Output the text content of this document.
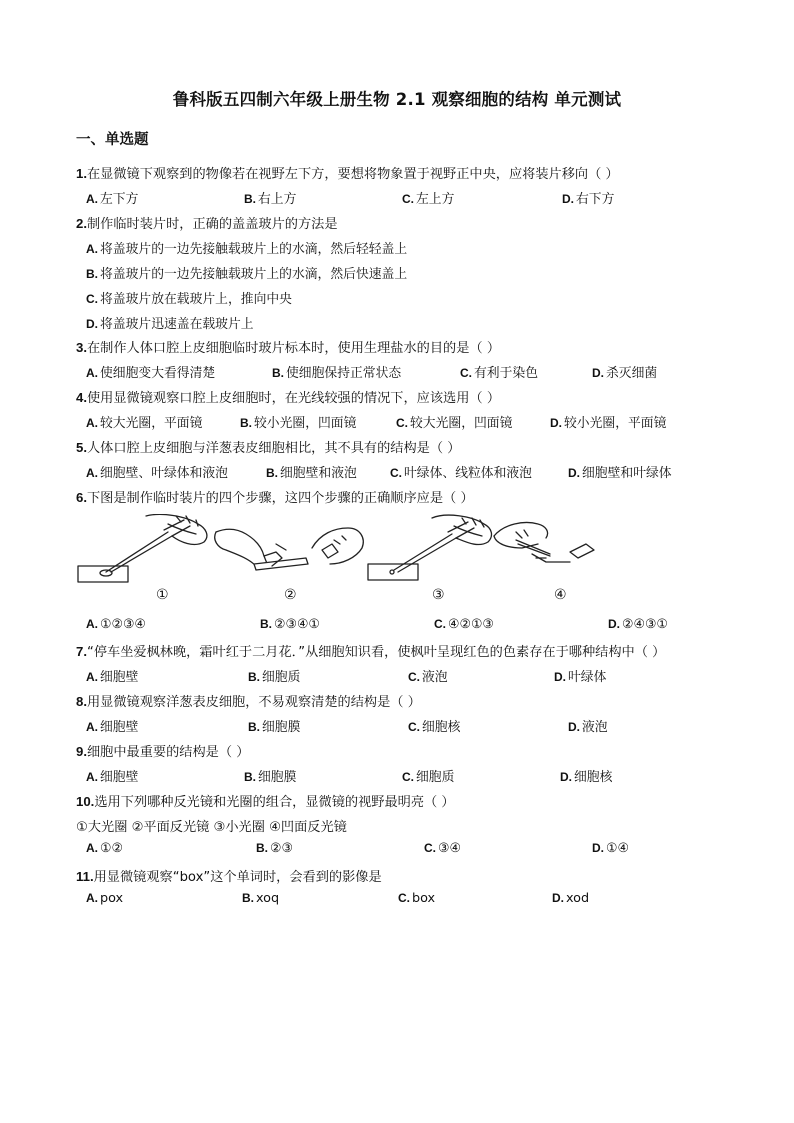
鲁科版五四制六年级上册生物 2.1 观察细胞的结构 单元测试
一、单选题
1.在显微镜下观察到的物像若在视野左下方，要想将物象置于视野正中央，应将装片移向（ ）
A. 左下方	B. 右上方	C. 左上方	D. 右下方
2.制作临时装片时，正确的盖盖玻片的方法是
A. 将盖玻片的一边先接触载玻片上的水滴，然后轻轻盖上
B. 将盖玻片的一边先接触载玻片上的水滴，然后快速盖上
C. 将盖玻片放在载玻片上，推向中央
D. 将盖玻片迅速盖在载玻片上
3.在制作人体口腔上皮细胞临时玻片标本时，使用生理盐水的目的是（ ）
A. 使细胞变大看得清楚	B. 使细胞保持正常状态	C. 有利于染色	D. 杀灭细菌
4.使用显微镜观察口腔上皮细胞时，在光线较强的情况下，应该选用（ ）
A. 较大光圈，平面镜	B. 较小光圈，凹面镜	C. 较大光圈，凹面镜	D. 较小光圈，平面镜
5.人体口腔上皮细胞与洋葱表皮细胞相比，其不具有的结构是（ ）
A. 细胞壁、叶绿体和液泡	B. 细胞壁和液泡	C. 叶绿体、线粒体和液泡	D. 细胞壁和叶绿体
6.下图是制作临时装片的四个步骤，这四个步骤的正确顺序应是（ ）
①	②	③	④
A. ①②③④	B. ②③④①	C. ④②①③	D. ②④③①
7.“停车坐爱枫林晚，霜叶红于二月花．”从细胞知识看，使枫叶呈现红色的色素存在于哪种结构中（ ）
A. 细胞壁	B. 细胞质	C. 液泡	D. 叶绿体
8.用显微镜观察洋葱表皮细胞，不易观察清楚的结构是（ ）
A. 细胞壁	B. 细胞膜	C. 细胞核	D. 液泡
9.细胞中最重要的结构是（ ）
A. 细胞壁	B. 细胞膜	C. 细胞质	D. 细胞核
10.选用下列哪种反光镜和光圈的组合，显微镜的视野最明亮（ ）
①大光圈 ②平面反光镜 ③小光圈 ④凹面反光镜
A. ①②	B. ②③	C. ③④	D. ①④
11.用显微镜观察“box”这个单词时，会看到的影像是
A. pox	B. xoq	C. box	D. xod
